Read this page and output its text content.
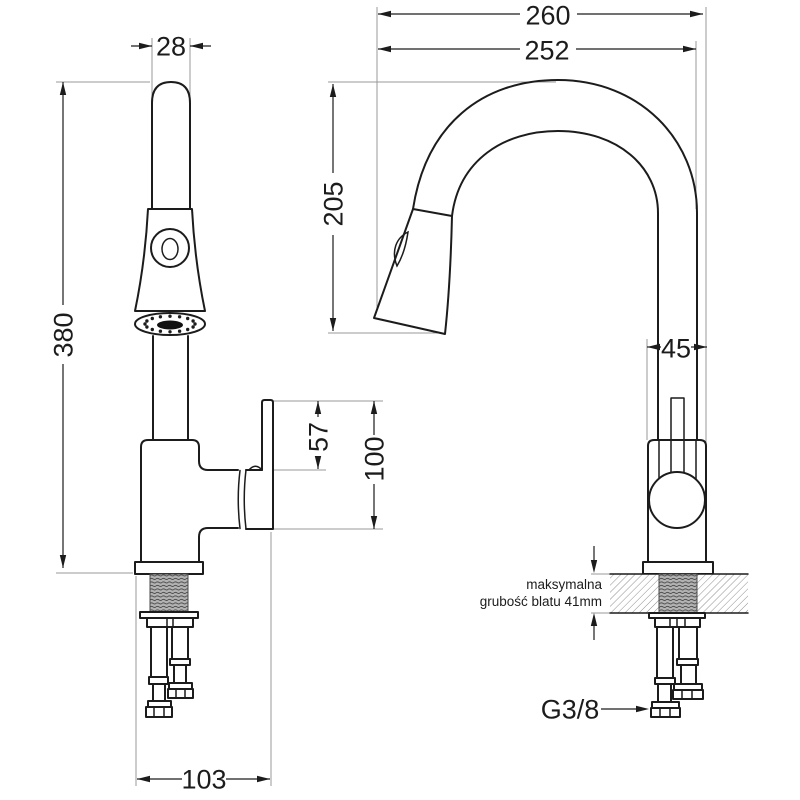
28
380
57 100
103
260
252
205
45
maksymalna
grubość blatu 41mm
G3/8
